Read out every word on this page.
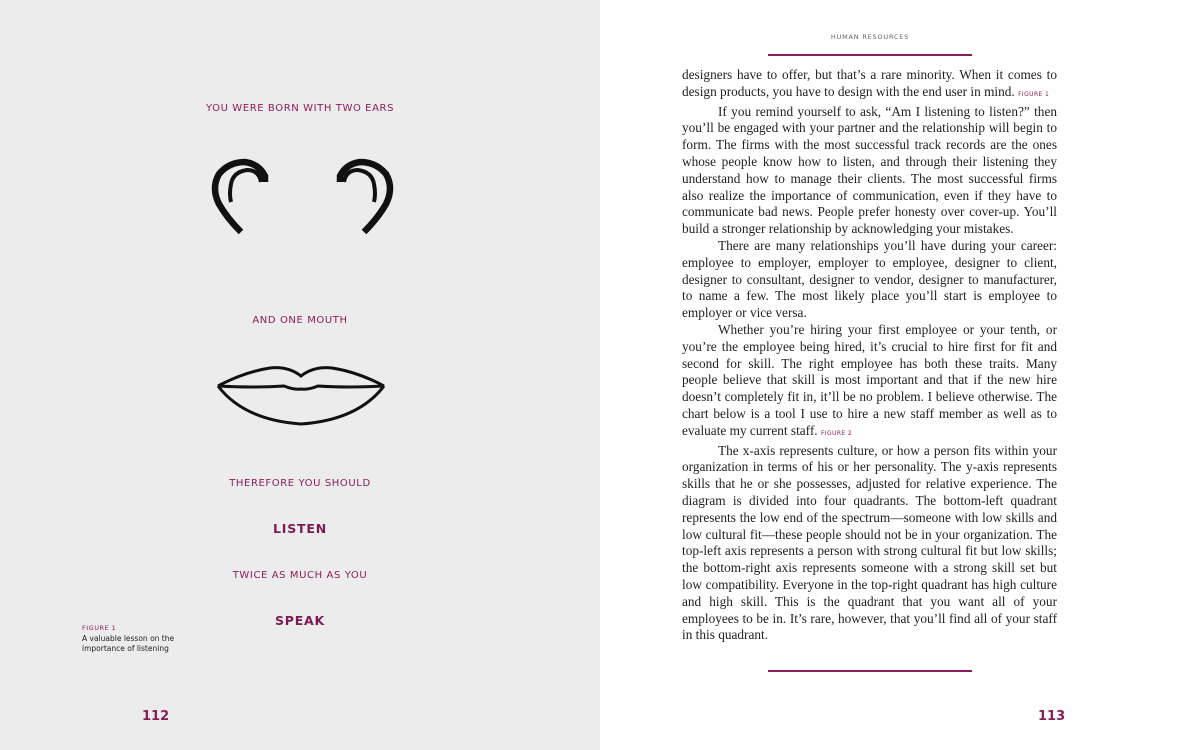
YOU WERE BORN WITH TWO EARS
AND ONE MOUTH
THEREFORE YOU SHOULD
LISTEN
TWICE AS MUCH AS YOU
SPEAK
FIGURE 1
A valuable lesson on the importance of listening
112
HUMAN RESOURCES

designers have to offer, but that’s a rare minority. When it comes to design products, you have to design with the end user in mind. FIGURE 1

If you remind yourself to ask, “Am I listening to listen?” then you’ll be engaged with your partner and the relationship will begin to form. The firms with the most successful track records are the ones whose people know how to listen, and through their listening they understand how to manage their clients. The most successful firms also realize the importance of communication, even if they have to communicate bad news. People prefer honesty over cover-up. You’ll build a stronger relationship by acknowledging your mistakes.

There are many relationships you’ll have during your career: employee to employer, employer to employee, designer to client, designer to consultant, designer to vendor, designer to manufacturer, to name a few. The most likely place you’ll start is employee to employer or vice versa.

Whether you’re hiring your first employee or your tenth, or you’re the employee being hired, it’s crucial to hire first for fit and second for skill. The right employee has both these traits. Many people believe that skill is most important and that if the new hire doesn’t completely fit in, it’ll be no problem. I believe otherwise. The chart below is a tool I use to hire a new staff member as well as to evaluate my current staff. FIGURE 2

The x-axis represents culture, or how a person fits within your organization in terms of his or her personality. The y-axis represents skills that he or she possesses, adjusted for relative experience. The diagram is divided into four quadrants. The bottom-left quadrant represents the low end of the spectrum—someone with low skills and low cultural fit—these people should not be in your organization. The top-left axis represents a person with strong cultural fit but low skills; the bottom-right axis represents someone with a strong skill set but low compatibility. Everyone in the top-right quadrant has high culture and high skill. This is the quadrant that you want all of your employees to be in. It’s rare, however, that you’ll find all of your staff in this quadrant.

113
